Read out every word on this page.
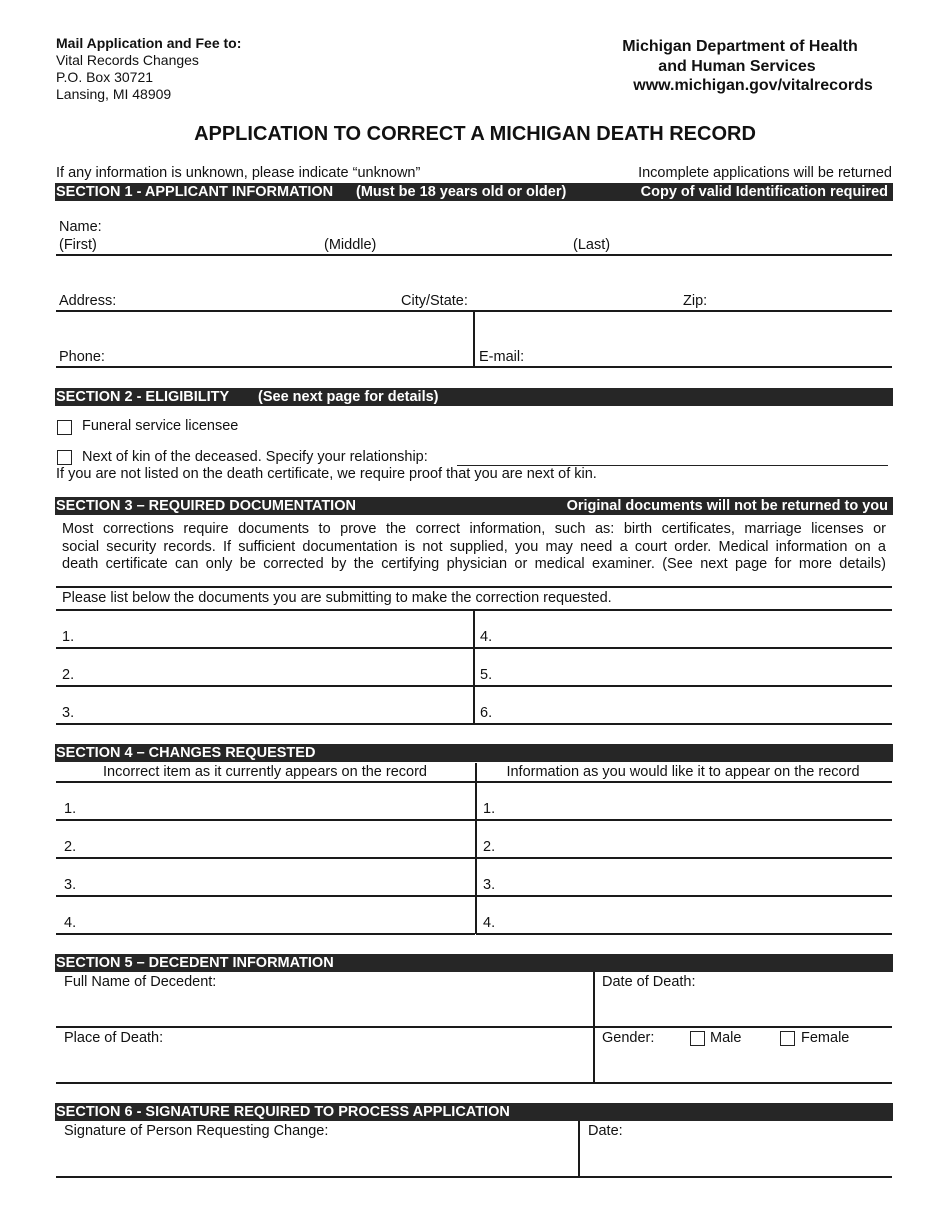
Mail Application and Fee to:
Vital Records Changes
P.O. Box 30721
Lansing, MI 48909
Michigan Department of Health
and Human Services
www.michigan.gov/vitalrecords
APPLICATION TO CORRECT A MICHIGAN DEATH RECORD
If any information is unknown, please indicate “unknown”	Incomplete applications will be returned
SECTION 1 - APPLICANT INFORMATION (Must be 18 years old or older)	Copy of valid Identification required
Name:
(First)	(Middle)	(Last)
Address:	City/State:	Zip:
Phone:	E-mail:
SECTION 2 - ELIGIBILITY (See next page for details)
Funeral service licensee
Next of kin of the deceased. Specify your relationship:
If you are not listed on the death certificate, we require proof that you are next of kin.
SECTION 3 – REQUIRED DOCUMENTATION	Original documents will not be returned to you
Most corrections require documents to prove the correct information, such as: birth certificates, marriage licenses or
social security records. If sufficient documentation is not supplied, you may need a court order. Medical information on a
death certificate can only be corrected by the certifying physician or medical examiner. (See next page for more details)
Please list below the documents you are submitting to make the correction requested.
1.	4.
2.	5.
3.	6.
SECTION 4 – CHANGES REQUESTED
Incorrect item as it currently appears on the record	Information as you would like it to appear on the record
1.	1.
2.	2.
3.	3.
4.	4.
SECTION 5 – DECEDENT INFORMATION
Full Name of Decedent:	Date of Death:
Place of Death:	Gender:	Male	Female
SECTION 6 - SIGNATURE REQUIRED TO PROCESS APPLICATION
Signature of Person Requesting Change:	Date:
